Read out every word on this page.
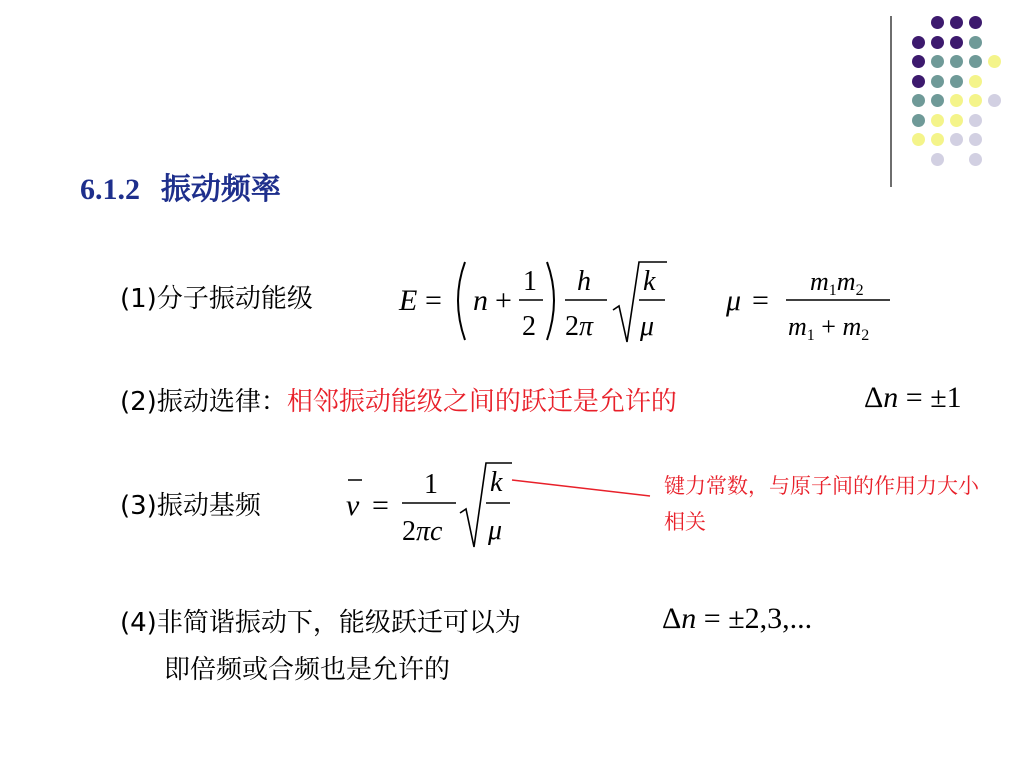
6.1.2 振动频率
(1)分子振动能级	E = n +
1
2
h
2π
k
μ
μ =
m1m2
m1 + m2
(2)振动选律：相邻振动能级之间的跃迁是允许的	Δn = ±1
(3)振动基频	ν =
1
2πc
k
μ
键力常数，与原子间的作用力大小相关
(4)非简谐振动下，能级跃迁可以为	Δn = ±2,3,...
即倍频或合频也是允许的
